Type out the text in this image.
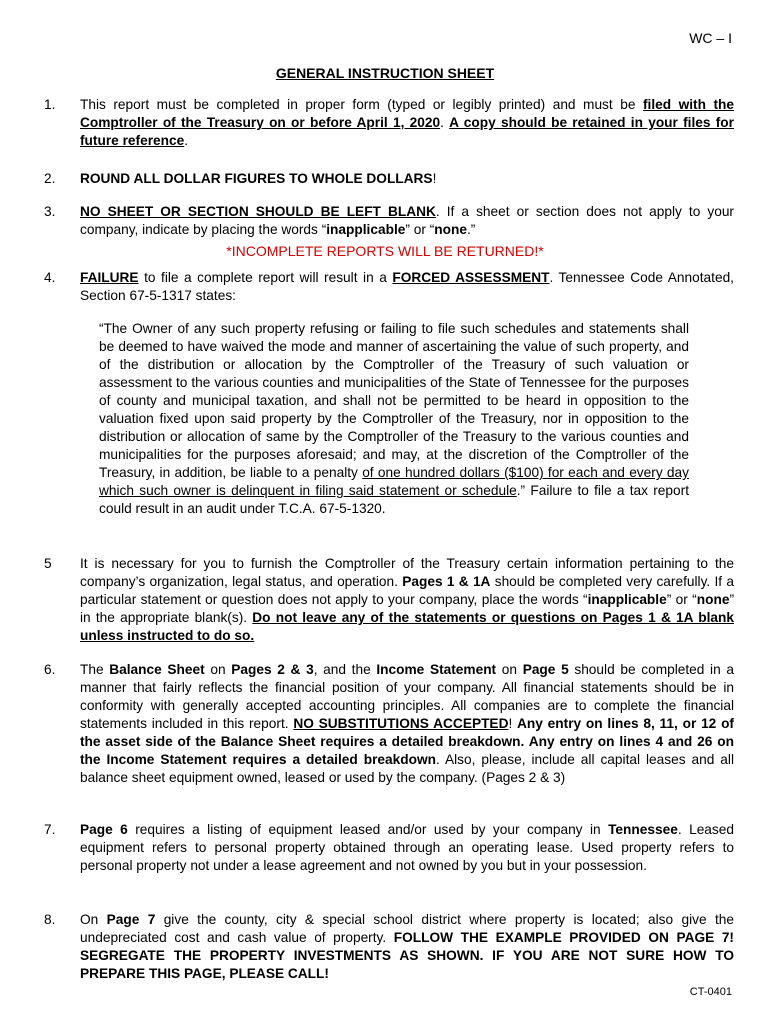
WC – I
GENERAL INSTRUCTION SHEET
1. This report must be completed in proper form (typed or legibly printed) and must be filed with the Comptroller of the Treasury on or before April 1, 2020. A copy should be retained in your files for future reference.
2. ROUND ALL DOLLAR FIGURES TO WHOLE DOLLARS!
3. NO SHEET OR SECTION SHOULD BE LEFT BLANK. If a sheet or section does not apply to your company, indicate by placing the words “inapplicable” or “none.”
*INCOMPLETE REPORTS WILL BE RETURNED!*
4. FAILURE to file a complete report will result in a FORCED ASSESSMENT. Tennessee Code Annotated, Section 67-5-1317 states:
“The Owner of any such property refusing or failing to file such schedules and statements shall be deemed to have waived the mode and manner of ascertaining the value of such property, and of the distribution or allocation by the Comptroller of the Treasury of such valuation or assessment to the various counties and municipalities of the State of Tennessee for the purposes of county and municipal taxation, and shall not be permitted to be heard in opposition to the valuation fixed upon said property by the Comptroller of the Treasury, nor in opposition to the distribution or allocation of same by the Comptroller of the Treasury to the various counties and municipalities for the purposes aforesaid; and may, at the discretion of the Comptroller of the Treasury, in addition, be liable to a penalty of one hundred dollars ($100) for each and every day which such owner is delinquent in filing said statement or schedule.” Failure to file a tax report could result in an audit under T.C.A. 67-5-1320.
5 It is necessary for you to furnish the Comptroller of the Treasury certain information pertaining to the company’s organization, legal status, and operation. Pages 1 & 1A should be completed very carefully. If a particular statement or question does not apply to your company, place the words “inapplicable” or “none” in the appropriate blank(s). Do not leave any of the statements or questions on Pages 1 & 1A blank unless instructed to do so.
6. The Balance Sheet on Pages 2 & 3, and the Income Statement on Page 5 should be completed in a manner that fairly reflects the financial position of your company. All financial statements should be in conformity with generally accepted accounting principles. All companies are to complete the financial statements included in this report. NO SUBSTITUTIONS ACCEPTED! Any entry on lines 8, 11, or 12 of the asset side of the Balance Sheet requires a detailed breakdown. Any entry on lines 4 and 26 on the Income Statement requires a detailed breakdown. Also, please, include all capital leases and all balance sheet equipment owned, leased or used by the company. (Pages 2 & 3)
7. Page 6 requires a listing of equipment leased and/or used by your company in Tennessee. Leased equipment refers to personal property obtained through an operating lease. Used property refers to personal property not under a lease agreement and not owned by you but in your possession.
8. On Page 7 give the county, city & special school district where property is located; also give the undepreciated cost and cash value of property. FOLLOW THE EXAMPLE PROVIDED ON PAGE 7! SEGREGATE THE PROPERTY INVESTMENTS AS SHOWN. IF YOU ARE NOT SURE HOW TO PREPARE THIS PAGE, PLEASE CALL!
CT-0401
